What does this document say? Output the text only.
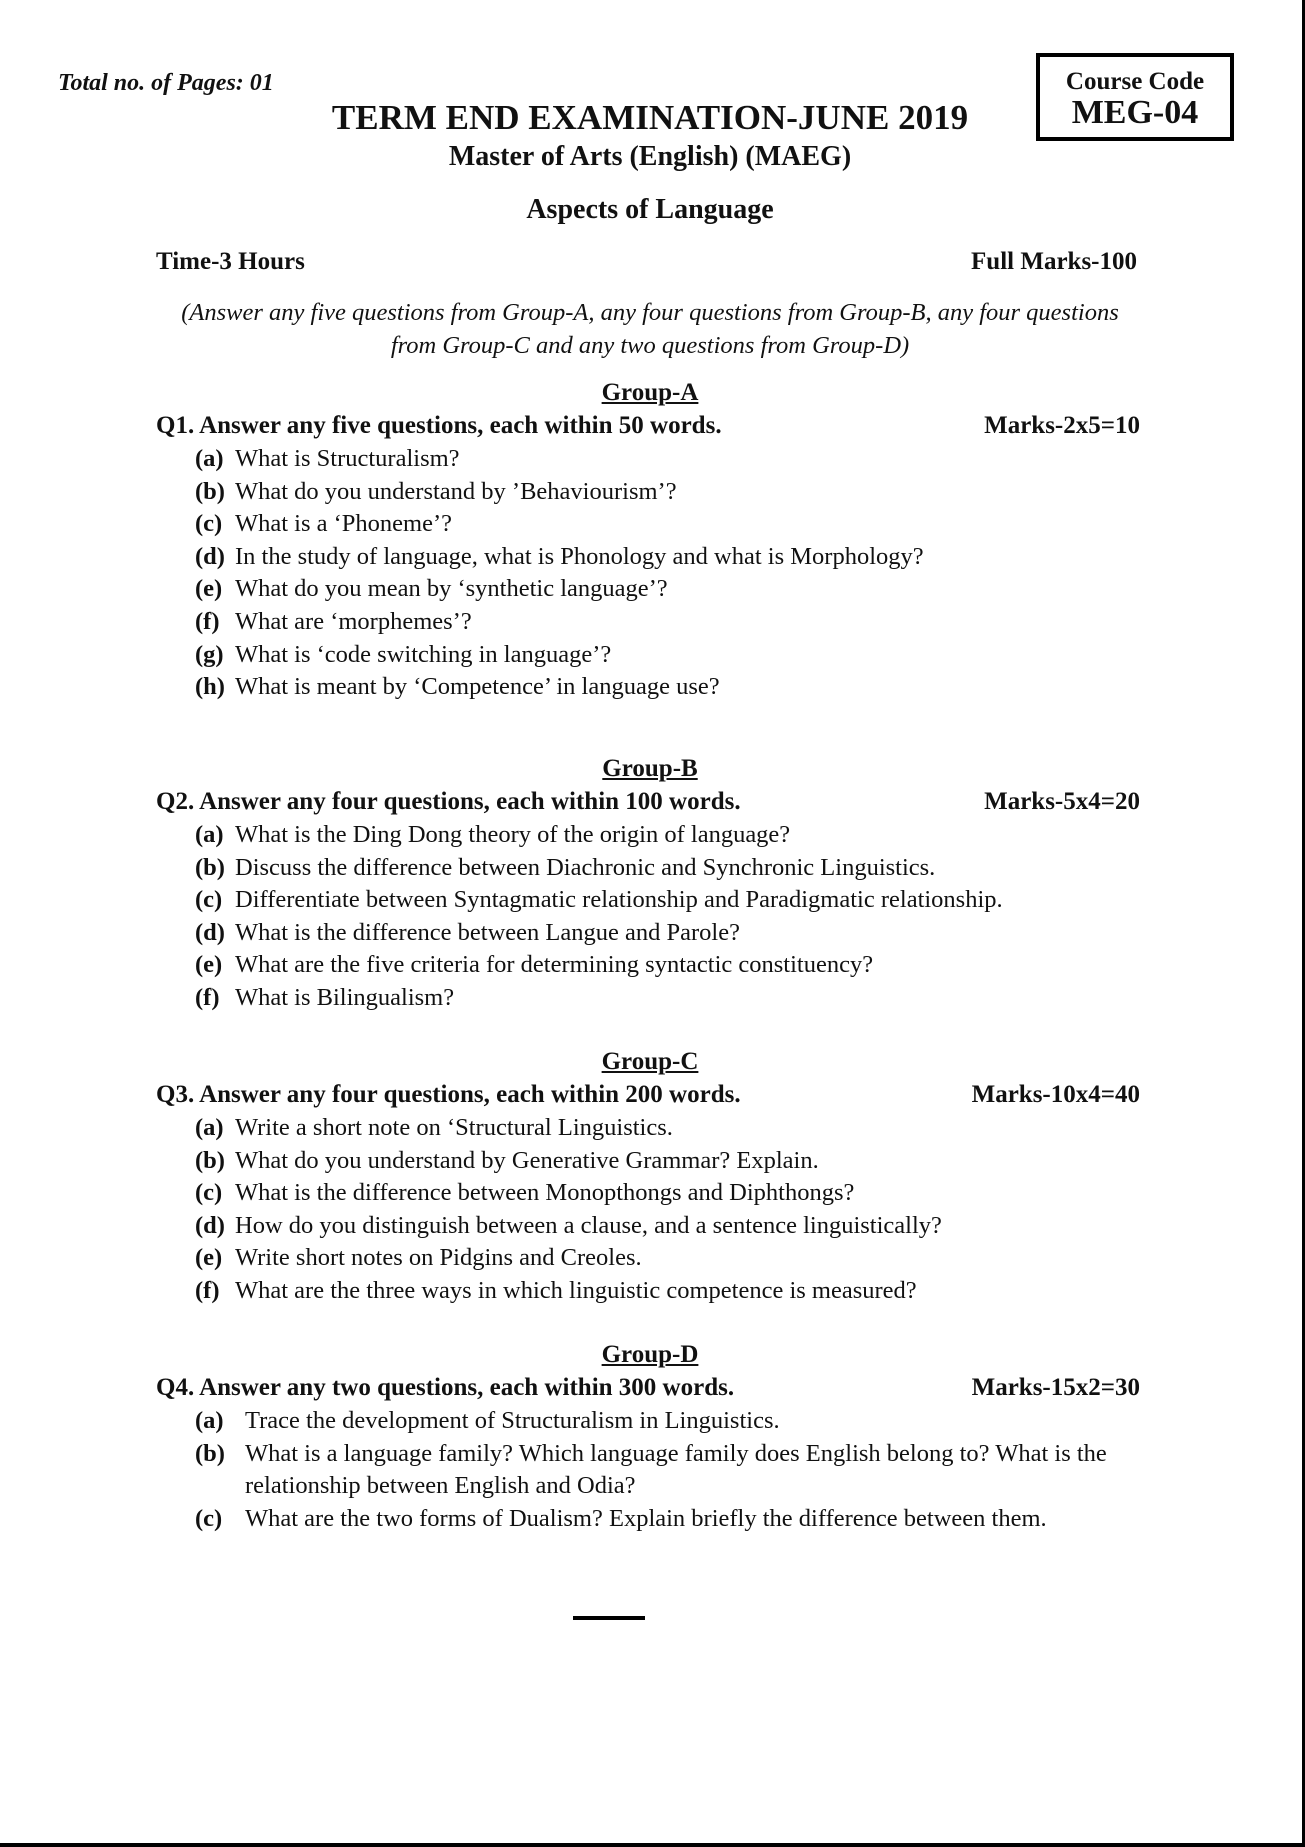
Total no. of Pages: 01	Course Code
MEG-04
TERM END EXAMINATION-JUNE 2019
Master of Arts (English) (MAEG)
Aspects of Language
Time-3 Hours	Full Marks-100
(Answer any five questions from Group-A, any four questions from Group-B, any four questions from Group-C and any two questions from Group-D)
Group-A
Q1. Answer any five questions, each within 50 words.	Marks-2x5=10
(a) What is Structuralism?
(b) What do you understand by ’Behaviourism’?
(c) What is a ‘Phoneme’?
(d) In the study of language, what is Phonology and what is Morphology?
(e) What do you mean by ‘synthetic language’?
(f) What are ‘morphemes’?
(g) What is ‘code switching in language’?
(h) What is meant by ‘Competence’ in language use?
Group-B
Q2. Answer any four questions, each within 100 words.	Marks-5x4=20
(a) What is the Ding Dong theory of the origin of language?
(b) Discuss the difference between Diachronic and Synchronic Linguistics.
(c) Differentiate between Syntagmatic relationship and Paradigmatic relationship.
(d) What is the difference between Langue and Parole?
(e) What are the five criteria for determining syntactic constituency?
(f) What is Bilingualism?
Group-C
Q3. Answer any four questions, each within 200 words.	Marks-10x4=40
(a) Write a short note on ‘Structural Linguistics.
(b) What do you understand by Generative Grammar? Explain.
(c) What is the difference between Monopthongs and Diphthongs?
(d) How do you distinguish between a clause, and a sentence linguistically?
(e) Write short notes on Pidgins and Creoles.
(f) What are the three ways in which linguistic competence is measured?
Group-D
Q4. Answer any two questions, each within 300 words.	Marks-15x2=30
(a) Trace the development of Structuralism in Linguistics.
(b) What is a language family? Which language family does English belong to? What is the relationship between English and Odia?
(c) What are the two forms of Dualism? Explain briefly the difference between them.
